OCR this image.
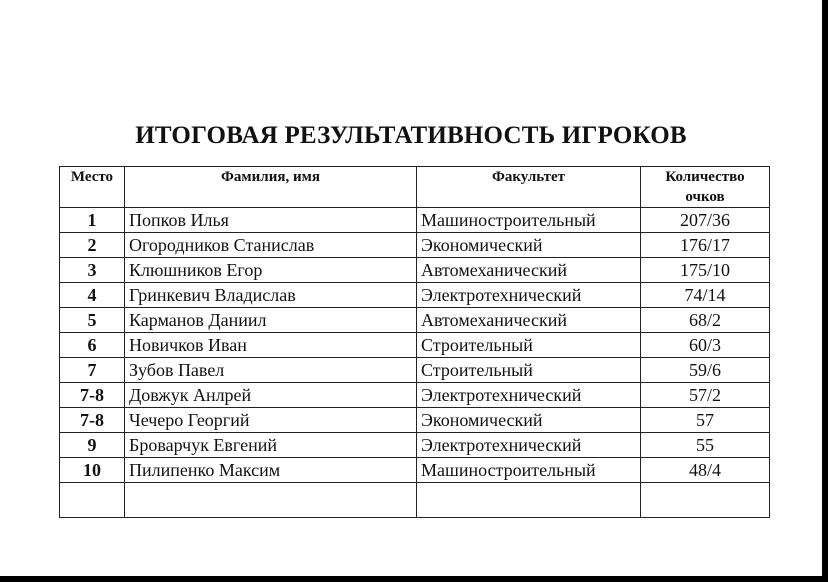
ИТОГОВАЯ РЕЗУЛЬТАТИВНОСТЬ ИГРОКОВ
Место	Фамилия, имя	Факультет	Количество
очков

1	Попков Илья	Машиностроительный	207/36
2	Огородников Станислав	Экономический	176/17
3	Клюшников Егор	Автомеханический	175/10
4	Гринкевич Владислав	Электротехнический	74/14
5	Карманов Даниил	Автомеханический	68/2
6	Новичков Иван	Строительный	60/3
7	Зубов Павел	Строительный	59/6
7-8	Довжук Анлрей	Электротехнический	57/2
7-8	Чечеро Георгий	Экономический	57
9	Броварчук Евгений	Электротехнический	55
10	Пилипенко Максим	Машиностроительный	48/4
